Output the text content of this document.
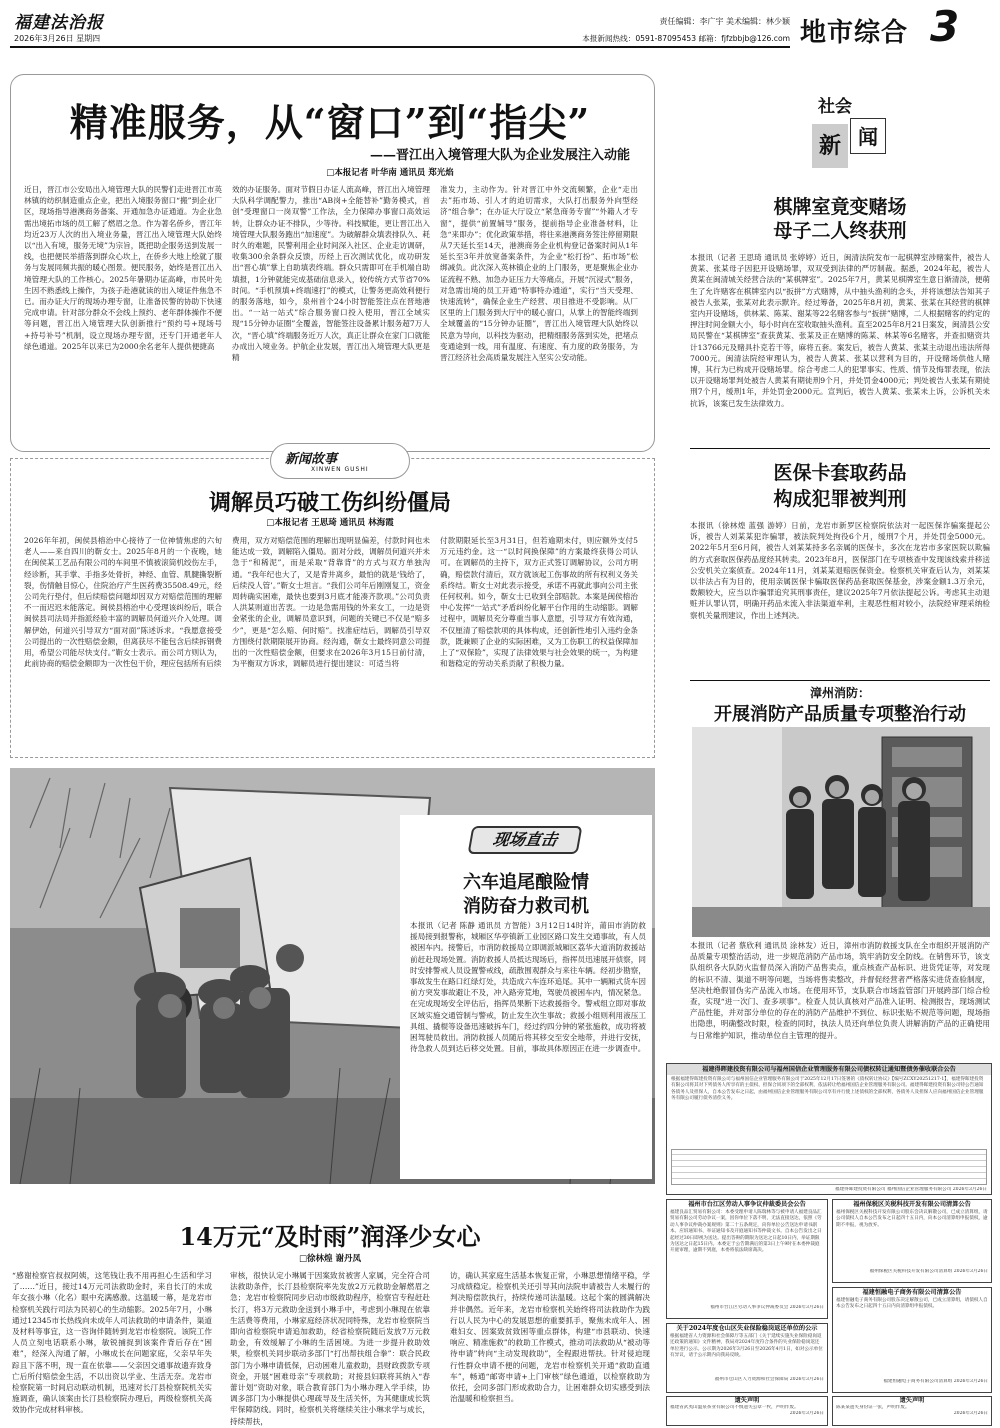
福建法治报
2026年3月26日 星期四
责任编辑：李广宇 美术编辑：林少颖
本报新闻热线：0591-87095453 邮箱：fjfzbbjb@126.com 地市综合 3
精准服务，从“窗口”到“指尖”
——晋江出入境管理大队为企业发展注入动能
□本报记者 叶华南 通讯员 郑光焰
近日，晋江市公安局出入境管理大队的民警们走进晋江市英林镇的纺织制造重点企业，把出入境服务窗口“搬”到企业厂区，现场指导港澳商务备案、开通加急办证通道。为企业急需出境拓市场的员工解了燃眉之急。作为著名侨乡，晋江年均近23万人次的出入境业务量，晋江出入境管理大队始终以“出入有境，服务无境”为宗旨，既把助企服务送到发展一线，也把便民举措落到群众心坎上，在侨乡大地上绘就了服务与发展同频共振的暖心图景。便民服务，始终是晋江出入境管理大队的工作核心。2025年暑期办证高峰，市民叶先生因不熟悉线上操作，为孩子赴港就读的出入境证件焦急不已。而办证大厅的现场办理专窗，让准备民警的协助下快速完成申请。针对部分群众不会线上预约、老年群体操作不便等问题，晋江出入境管理大队创新推行“预约号+现场号+持号补号”机制，设立现场办理专窗，还专门开通老年人绿色通道。2025年以来已为2000余名老年人提供便捷高
效的办证服务。面对节假日办证人流高峰，晋江出入境管理大队科学调配警力，推出“AB岗+全能替补”勤务模式，首创“受理窗口一岗双警”工作法，全力保障办事窗口高效运转，让群众办证不排队，少等待。科技赋能，更让晋江出入境管理大队服务跑出“加速度”。为破解群众填表排队久、耗时久的难题，民警利用企业时间深入社区、企业走访调研，收集300余条群众反馈，历经上百次测试优化，成功研发出“晋心填”掌上自助填表终端。群众只需即可在手机端自助填报，1分钟就能完成基础信息录入，较传统方式节省70%时间。“手机预填+终端速打”的模式，让警务更高效利便行的服务落地，如今，泉州首个24小时智能签注点在晋地港出。“一站一站式”综合服务窗口投入使用，晋江全域实现“15分钟办证圈”全覆盖，智能签注设备累计服务超7万人次，“晋心填”终端服务近万人次，真正让群众在家门口就能办成出入境业务。护航企业发展，晋江出入境管理大队更是精
准发力，主动作为。针对晋江中外交流频繁，企业“走出去”拓市场、引人才的迫切需求，大队打出服务外向型经济“组合拳”；在办证大厅设立“紧急商务专窗”“外籍人才专窗”，提供“前置辅导”服务，提前指导企业准备材料，让急“来即办”；优化政策举措，将往来港澳商务签注停留期限从7天延长至14天，港澳商务企业机构登记备案时间从1年延长至3年并放宽备案条件，为企业“松打扮”、拓市场”松绑减负。此次深入英林镇企业的上门服务，更是聚焦企业办证流程不熟、加急办证压力大等痛点，开展“沉浸式”服务，对急需出境的员工开通“特事特办通道”，实行“当天受理、快速流转”，确保企业生产经营、项目推进不受影响。从厂区里的上门服务到大厅中的暖心窗口，从掌上的智能终端到全域覆盖的“15分钟办证圈”，晋江出入境管理大队始终以民意为导向，以科技为驱动，把精细服务落到实处，把堵点变通途到一线，用有温度、有速度、有力度的政务服务，为晋江经济社会高质量发展注入坚实公安动能。
新闻故事
XINWEN GUSHI
调解员巧破工伤纠纷僵局
□本报记者 王思琦 通讯员 林海霞
2026年年初，闽侯县榕治中心接待了一位神情焦虑的六旬老人——来自四川的靳女士。2025年8月的一个夜晚，她在闽侯某工艺品有限公司的车间里不慎被滚筒机绞伤左手，经诊断，其手掌、手指多处骨折，神经、血管、肌腱撕裂断裂，伤情触目惊心，住院治疗产生医药费35508.49元，经公司先行垫付，但后续赔偿问题却因双方对赔偿范围的理解不一而迟迟未能落定。闽侯县榕治中心受理该纠纷后，联合闽侯县司法局并指派经验丰富的调解员何道兴介入处理。调解伊始，何道兴引导双方“面对面”陈述诉求。“我愿意接受公司提出的一次性赔偿金额，但离获尽不能包含后续拆钢费用，希望公司能尽快支付。”靳女士表示。而公司方则认为，此前协商的赔偿金额即为一次性包干价，理应包括所有后续
费用，双方对赔偿范围的理解出现明显偏差，付款时间也未能达成一致，调解陷入僵局。面对分歧，调解员何道兴并未急于“和稀泥”，而是采取“背靠背”的方式与双方单独沟通。“我年纪也大了，又是背井离乡，最怕的就是‘钱给了，后续没人管’。”靳女士坦言。“我们公司年后刚刚复工，资金周转确实困难，最快也要到3月底才能凑齐款项。”公司负责人洪某则道出苦衷。一边是急需用钱的外来女工，一边是资金紧张的企业，调解员意识到，问题的关键已不仅是“赔多少”，更是“怎么赔、何时赔”。找准症结后，调解员引导双方围绕付款期限展开协商。经沟通，靳女士最终同意公司提出的一次性赔偿金额，但要求在2026年3月15日前付清，为平衡双方诉求，调解员进行提出建议：可适当将
付款期限延长至3月31日，但若逾期未付，则应额外支付5万元违约金。这一“以时间换保障”的方案最终获得公司认可。在调解员的主持下，双方正式签订调解协议，公司方明确，赔偿款付清后，双方就该起工伤事故的所有权利义务关系终结。靳女士对此表示接受，承诺不再就此事向公司主张任何权利。如今，靳女士已收到全部赔款。本案是闽侯榕治中心发挥“一站式”矛盾纠纷化解平台作用的生动缩影。调解过程中，调解员充分尊重当事人意愿，引导双方有效沟通，不仅厘清了赔偿款项的具体构成，还创新性地引入违约金条款，既兼顾了企业的实际困难，又为工伤职工的权益保障加上了“双保险”，实现了法律效果与社会效果的统一，为构建和谐稳定的劳动关系贡献了积极力量。
现场直击
六车追尾酿险情
消防奋力救司机
本报讯（记者 陈静 通讯员 方智能）3月12日14时许，莆田市消防救援局接到报警称，城厢区华亭镇新工业园区路口发生交通事故，有人员被困车内。接警后，市消防救援局立即调派城厢区荔华大道消防救援站前赶赴现场处置。消防救援人员抵达现场后，指挥员迅速展开侦察，同时安排警戒人员设置警戒线，疏散围观群众与来往车辆。经初步勘察，事故发生在路口红绿灯处，共造成六车连环追尾。其中一辆厢式货车因前方突发事故避让不及，冲入路旁荒地，驾驶员被困车内，情况紧急。在完成现场安全评估后，指挥员果断下达救援指令。警戒组立即对事故区域实施交通管制与警戒，防止发生次生事故；救援小组则利用液压工具组、撬棍等设备迅速破拆车门，经过约四分钟的紧张施救，成功将被困驾驶员救出。消防救援人员随后将其移交至安全地带，并进行安抚，待急救人员到达后移交处置。目前，事故具体原因正在进一步调查中。
14万元“及时雨”润泽少女心
□徐林煌 谢丹凤
“感谢检察官叔叔阿姨，这笔钱让我不用再担心生活和学习了……”近日，接过14万元司法救助金时，来自长汀的未成年女孩小琳（化名）眼中充满感激。这温暖一幕，是龙岩市检察机关践行司法为民初心的生动缩影。2025年7月，小琳通过12345市长热线向未成年人司法救助的申请条件，渠道及材料等事宜，这一咨询伴随转到龙岩市检察院。该院工作人员立刻电话联系小琳，敏锐捕捉到该案件背后存在“困难”，经深入沟通了解，小琳成长在问题家庭，父亲早年失踪且下落不明，现一直在依靠——父亲因交通事故遗弃致身亡后所付赔偿金生活，不以出资以学业、生活无奈。龙岩市检察院第一时间启动联动机制，迅速对长汀县检察院机关实施调查，确认该案由长汀县检察院办理后，两级检察机关高效协作完成材料审核。
审核，很快认定小琳属于因案致贫被害人家属，完全符合司法救助条件，长汀县检察院率先发放2万元救助金解燃眉之急；龙岩市检察院同步启动市级救助程序，检察官专程赶赴长汀，将3万元救助金送到小琳手中，考虑到小琳现在依靠生活费等费用，小琳家庭经济状况同特殊，龙岩市检察院当即向省检察院申请追加救助，经省检察院随后发放7万元救助金，有效缓解了小琳的生活困境。为进一步提升救助效果，检察机关同步联动多部门“打出帮扶组合拳”：联合民政部门为小琳申请低保，启动困难儿童救助，县财政拨款专项资金，开展“困难母亲”专项救助；对接县妇联将其纳入“春蕾计划”资助对象，联合教育部门为小琳办理入学手续，协调多部门为小琳提供心理疏导及生活关怀，为其健康成长筑牢保障防线。同时，检察机关将继续关注小琳求学与成长，持续帮扶，
访，确认其家庭生活基本恢复正常，小琳思想情绪平稳，学习成绩稳定。检察机关还引导其向法院申请被告人未履行的判决赔偿款执行，持续传递司法温暖。这起个案的圆满解决并非偶然。近年来，龙岩市检察机关始终将司法救助作为践行以人民为中心的发展思想的重要抓手，聚焦未成年人、困难妇女、因案致贫致困等重点群体，构建“市县联动、快速响应、精准施救”的救助工作模式，推动司法救助从“被动等待申请”转向“主动发现救助”，全程跟进帮扶。针对侵迫现行性群众申请不便的问题，龙岩市检察机关开通“救助直通车”，畅通“邮寄申请+上门审核”绿色通道，以检察救助为依托，会同多部门形成救助合力，让困难群众切实感受到法治温暖和检察担当。
社会
新 闻
棋牌室竟变赌场
母子二人终获刑
本报讯（记者 王思琦 通讯员 张婷婷）近日，闽清法院发布一起棋牌室涉赌案件，被告人黄某、张某母子因犯开设赌场罪，双双受到法律的严厉制裁。据悉，2024年起，被告人黄某在闽清城关经营合法的“某棋牌室”。2025年7月，黄某见棋牌室生意日渐清淡，便萌生了允许赌客在棋牌室内以“扳拼”方式赌博，从中抽头渔利的念头，并将该想法告知其子被告人张某，张某对此表示默许。经过筹备，2025年8月初，黄某、张某在其经营的棋牌室内开设赌场，供林某、陈某、谢某等22名赌客参与“扳拼”赌博，二人根据赌客的约定的押注时间金额大小，每小时向在室收取抽头渔利。直至2025年8月21日案发，闽清县公安局民警在“某棋牌室”查获黄某、张某及正在赌博的陈某、林某等6名赌客，并查扣赌资共计13766元及赌具扑克若干等，麻将五套。案发后，被告人黄某、张某主动退出违法所得7000元。闽清法院经审理认为，被告人黄某、张某以营利为目的，开设赌场供他人赌博，其行为已构成开设赌场罪。综合考虑二人的犯罪事实、性质、情节及悔罪表现，依法以开设赌场罪判处被告人黄某有期徒刑9个月，并处罚金4000元；判处被告人张某有期徒刑7个月，缓刑1年，并处罚金2000元。宣判后，被告人黄某、张某未上诉，公诉机关未抗诉，该案已发生法律效力。
医保卡套取药品
构成犯罪被判刑
本报讯（徐林煌 蓝强 游婷）日前，龙岩市新罗区检察院依法对一起医保诈骗案提起公诉，被告人刘某某犯诈骗罪，被法院判处拘役6个月，缓刑7个月，并处罚金5000元。2022年5月至6月间，被告人刘某某持多名亲属的医保卡，多次在龙岩市多家医院以欺骗的方式套取医保药品度经其转卖。2023年8月，医保部门在专项核查中发现该线索并移送公安机关立案侦查。2024年11月，刘某某退赔医保资金。检察机关审查后认为，刘某某以非法占有为目的，使用亲属医保卡骗取医保药品套取医保基金，涉案金额1.3万余元，数额较大，应当以诈骗罪追究其刑事责任，建议2025年7月依法提起公诉。考虑其主动退赃并认罪认罚，明确开药品未流入非法渠道牟利，主观恶性相对较小，法院经审理采纳检察机关量刑建议，作出上述判决。
漳州消防：
开展消防产品质量专项整治行动
本报讯（记者 蔡欣利 通讯员 涂林发）近日，漳州市消防救援支队在全市组织开展消防产品质量专项整治活动，进一步规范消防产品市场，筑牢消防安全防线。在销售环节，该支队组织各大队防火监督员深入消防产品售卖点，重点核查产品标识、进货凭证等，对发现的标识不清、渠道不明等问题，当场将售卖整改，并督促经营者严格落实进货查验制度，坚决杜绝假冒伪劣产品流入市场。在使用环节，支队联合市场监管部门开展跨部门综合检查，实现“进一次门、查多项事”。检查人员认真核对产品准入证明、检测报告，现场测试产品性能，并对部分单位的存在的消防产品维护不到位、标识张贴不规范等问题，现场指出隐患，明确整改时限，检查的同时，执法人员还向单位负责人讲解消防产品的正确使用与日常维护知识，推动单位自主管理的提升。
福建得晖建投资有限公司与福州国信企业管理服务有限公司债权转让通知暨债务催收联合公告
根据福建得晖建投资有限公司与福州国信企业管理服务有限公司于2025年12月17日签署的《债权转让协议》【编号ZCXY20251217-1】，福建得晖建投资有限公司将其对下列债务人所享有的主债权、担保合同项下的全部权利，依法转让给福州国信企业管理服务有限公司。福建得晖建投资有限公司特公告通知各债务人及担保人，自本公告发布之日起，由福州国信企业管理服务有限公司享有并行使上述债权的全部权利，各债务人及担保人应向福州国信企业管理服务有限公司履行债务清偿义务。
福建得晖建投资有限公司 福州国信企业管理服务有限公司 2026年3月26日
福州市台江区劳动人事争议仲裁委员会公告
福建良品汇贸易有限公司：本委受理申请人陈瑞林等与被申请人福建良品汇贸易有限公司劳动争议一案，因你单位下落不明，无法直接送达，依照《劳动人事争议仲裁办案规则》第二十五条规定，向你单位公告送达申请书副本、应诉通知书、举证通知书及开庭通知书等仲裁文书。自本公告发出之日起经过30日即视为送达。提出答辩的期限为送达之日起10日内，举证期限为送达之日起15日内。本委定于公告期满后的第3日上午9时在本委仲裁庭开庭审理，逾期不到庭，本委将依法缺席裁决。
福州市台江区劳动人事争议仲裁委员会 2026年3月26日
福州保税区关税科技开发有限公司清算公告
福州保税区关税科技开发有限公司股东会决议解散公司，已成立清算组，请公司债权人自本公告发布之日起四十五日内，向本公司清算组申报债权，逾期不申报，视为放弃。
福州保税区关税科技开发有限公司清算组 2026年3月26日
关于2024年度仓山区失业保险稳岗返还单位的公示
根据福建省人力资源和社会保障厅等五部门《关于延续实施失业保险稳岗返还政策的通知》文件精神，我局对2024年度符合条件的失业保险稳岗返还单位进行公示。公示期为2026年3月26日至2026年4月1日，如对公示单位有异议，请于公示期内向我局反映。
福州市仓山区人力资源和社会保障局 2026年3月26日
福建恒融电子商务有限公司清算公告
福建恒融电子商务有限公司股东决定解散公司，已成立清算组，请债权人自本公告发布之日起四十五日内向清算组申报债权。
福建恒融电子商务有限公司清算组 2026年3月26日
遗失声明
福建省武夷山温泉茶业有限公司不慎遗失公章一枚，声明作废。
2026年3月26日
遗失声明
陈某某遗失身份证一张，声明作废。
2026年3月26日
